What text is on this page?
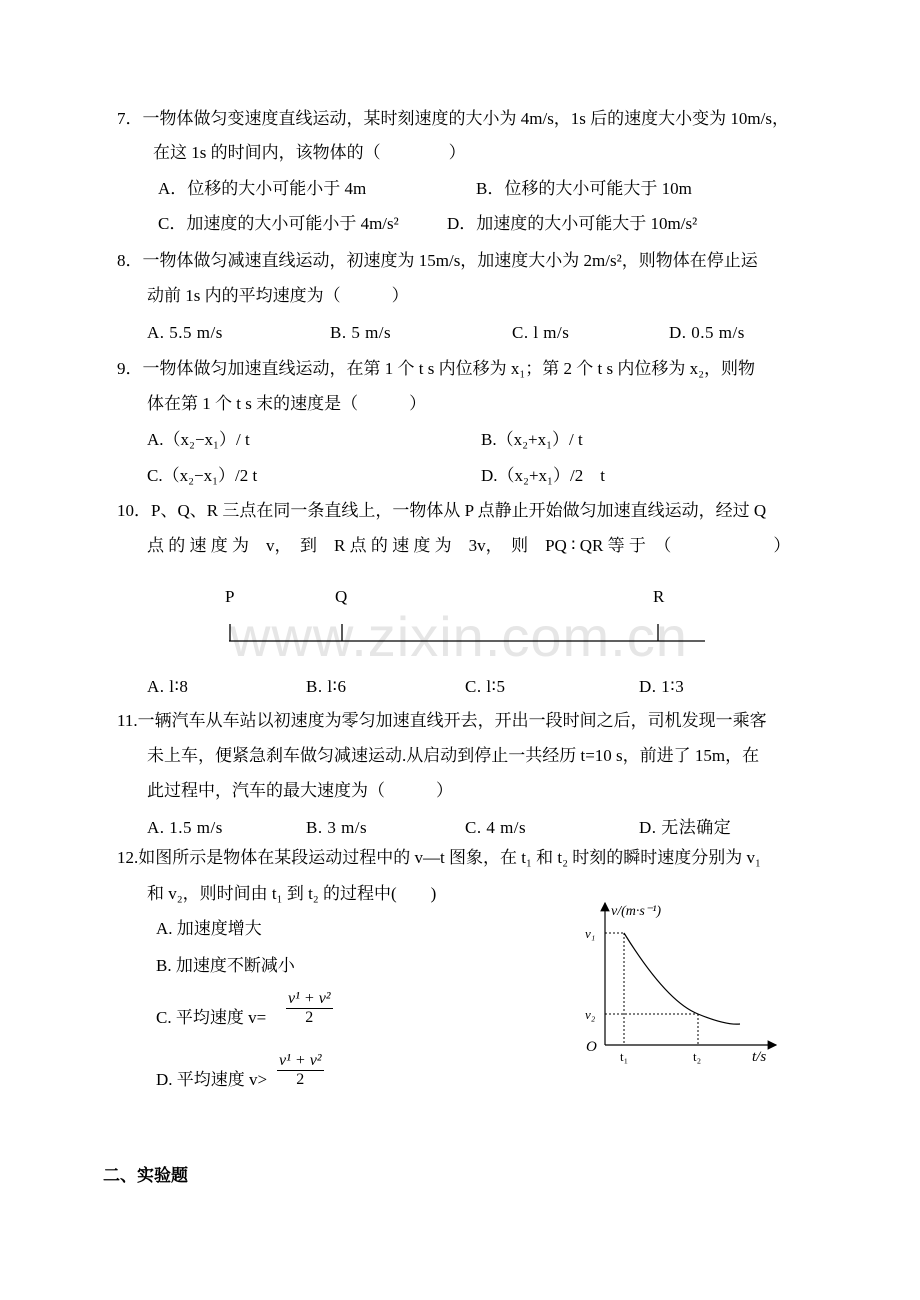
www.zixin.com.cn
7．一物体做匀变速度直线运动，某时刻速度的大小为 4m/s，1s 后的速度大小变为 10m/s，
在这 1s 的时间内，该物体的（　　　　）
A．位移的大小可能小于 4m	B．位移的大小可能大于 10m
C．加速度的大小可能小于 4m/s²	D．加速度的大小可能大于 10m/s²
8．一物体做匀减速直线运动，初速度为 15m/s，加速度大小为 2m/s²，则物体在停止运
动前 1s 内的平均速度为（　　　）
A. 5.5 m/s	B. 5 m/s	C. l m/s	D. 0.5 m/s
9．一物体做匀加速直线运动，在第 1 个 t s 内位移为 x₁；第 2 个 t s 内位移为 x₂，则物
体在第 1 个 t s 末的速度是（　　　）
A.（x₂−x₁）/ t	B.（x₂+x₁）/ t
C.（x₂−x₁）/2 t	D.（x₂+x₁）/2　t
10．P、Q、R 三点在同一条直线上，一物体从 P 点静止开始做匀加速直线运动，经过 Q
点 的 速 度 为　v，　到　R 点 的 速 度 为　3v，　则　PQ ∶ QR 等 于　（　　　　　　）
P	Q	R
A. l∶8	B. l∶6	C. l∶5	D. 1∶3
11.一辆汽车从车站以初速度为零匀加速直线开去，开出一段时间之后，司机发现一乘客
未上车，便紧急刹车做匀减速运动.从启动到停止一共经历 t=10 s，前进了 15m，在
此过程中，汽车的最大速度为（　　　）
A. 1.5 m/s	B. 3 m/s	C. 4 m/s	D. 无法确定
12.如图所示是物体在某段运动过程中的 v—t 图象，在 t₁ 和 t₂ 时刻的瞬时速度分别为 v₁
和 v₂，则时间由 t₁ 到 t₂ 的过程中(　　)
A. 加速度增大
B. 加速度不断减小
C. 平均速度 $v= \frac{\text{v¹ + v²}}{2}$
D. 平均速度 $v> \frac{\text{v¹ + v²}}{2}$
v/(m·s⁻¹)
v₁
v₂
O
t₁	t₂	t/s
二、实验题
